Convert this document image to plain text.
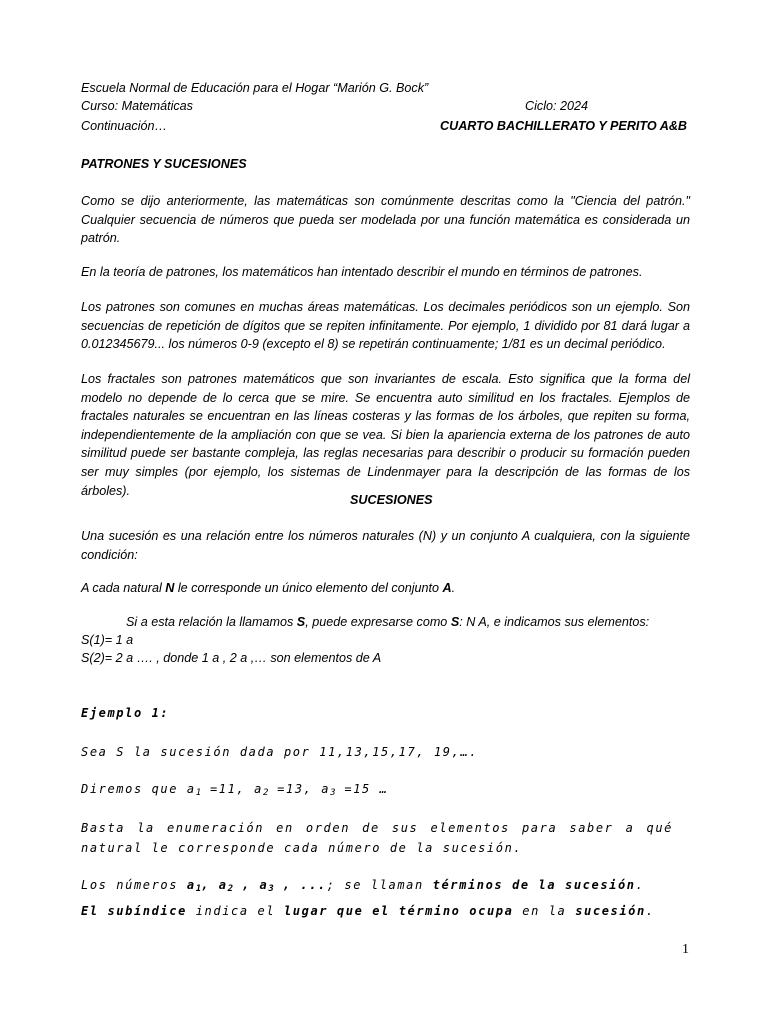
Escuela Normal de Educación para el Hogar “Marión G. Bock”
Curso: Matemáticas	Ciclo: 2024
Continuación…	CUARTO BACHILLERATO Y PERITO A&B
PATRONES Y SUCESIONES

Como se dijo anteriormente, las matemáticas son comúnmente descritas como la "Ciencia del patrón." Cualquier secuencia de números que pueda ser modelada por una función matemática es considerada un patrón.

En la teoría de patrones, los matemáticos han intentado describir el mundo en términos de patrones.

Los patrones son comunes en muchas áreas matemáticas. Los decimales periódicos son un ejemplo. Son secuencias de repetición de dígitos que se repiten infinitamente. Por ejemplo, 1 dividido por 81 dará lugar a 0.012345679... los números 0-9 (excepto el 8) se repetirán continuamente; 1/81 es un decimal periódico.

Los fractales son patrones matemáticos que son invariantes de escala. Esto significa que la forma del modelo no depende de lo cerca que se mire. Se encuentra auto similitud en los fractales. Ejemplos de fractales naturales se encuentran en las líneas costeras y las formas de los árboles, que repiten su forma, independientemente de la ampliación con que se vea. Si bien la apariencia externa de los patrones de auto similitud puede ser bastante compleja, las reglas necesarias para describir o producir su formación pueden ser muy simples (por ejemplo, los sistemas de Lindenmayer para la descripción de las formas de los árboles).

SUCESIONES

Una sucesión es una relación entre los números naturales (N) y un conjunto A cualquiera, con la siguiente condición:

A cada natural N le corresponde un único elemento del conjunto A.
Si a esta relación la llamamos S, puede expresarse como S: N A, e indicamos sus elementos:
S(1)= 1 a
S(2)= 2 a …. , donde 1 a , 2 a ,… son elementos de A
Ejemplo 1:
Sea S la sucesión dada por 11,13,15,17, 19,….
Diremos que $a_1 =11$, $a_2 =13$, $a_3 =15$ …

Basta la enumeración en orden de sus elementos para saber a qué natural le corresponde cada número de la sucesión.

Los números $a_1$, $a_2$ , $a_3$ , ...; se llaman términos de la sucesión.
El subíndice indica el lugar que el término ocupa en la sucesión.
1
